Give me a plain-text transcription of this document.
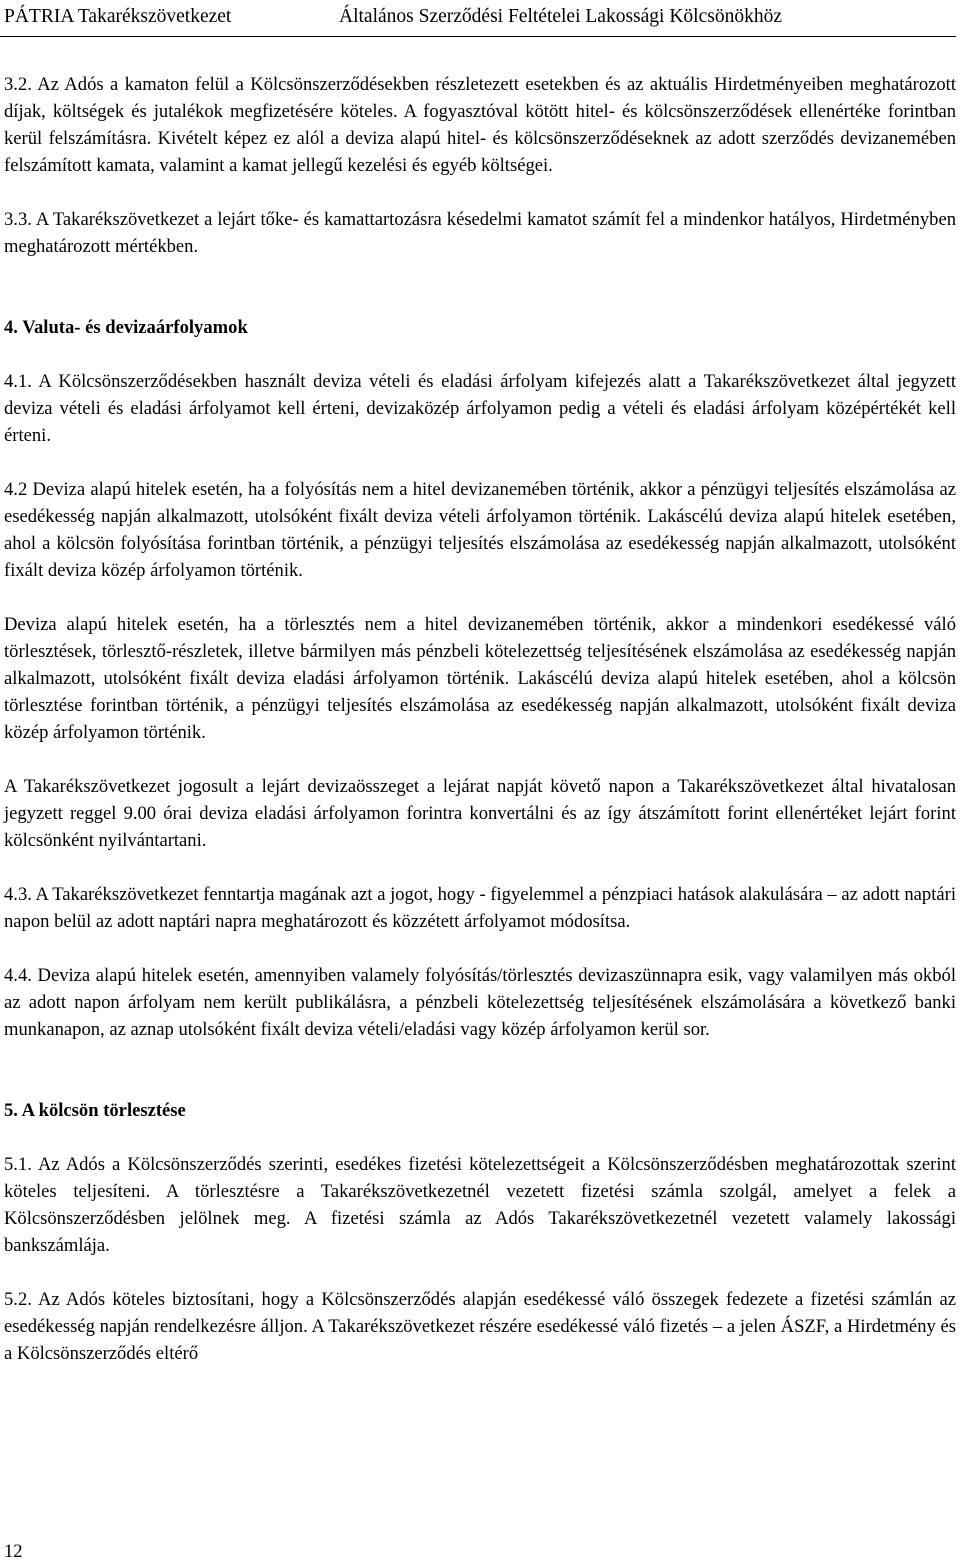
PÁTRIA Takarékszövetkezet	Általános Szerződési Feltételei Lakossági Kölcsönökhöz

3.2. Az Adós a kamaton felül a Kölcsönszerződésekben részletezett esetekben és az aktuális Hirdetményeiben meghatározott díjak, költségek és jutalékok megfizetésére köteles. A fogyasztóval kötött hitel- és kölcsönszerződések ellenértéke forintban kerül felszámításra. Kivételt képez ez alól a deviza alapú hitel- és kölcsönszerződéseknek az adott szerződés devizanemében felszámított kamata, valamint a kamat jellegű kezelési és egyéb költségei.

3.3. A Takarékszövetkezet a lejárt tőke- és kamattartozásra késedelmi kamatot számít fel a mindenkor hatályos, Hirdetményben meghatározott mértékben.

4. Valuta- és devizaárfolyamok

4.1. A Kölcsönszerződésekben használt deviza vételi és eladási árfolyam kifejezés alatt a Takarékszövetkezet által jegyzett deviza vételi és eladási árfolyamot kell érteni, devizaközép árfolyamon pedig a vételi és eladási árfolyam középértékét kell érteni.

4.2 Deviza alapú hitelek esetén, ha a folyósítás nem a hitel devizanemében történik, akkor a pénzügyi teljesítés elszámolása az esedékesség napján alkalmazott, utolsóként fixált deviza vételi árfolyamon történik. Lakáscélú deviza alapú hitelek esetében, ahol a kölcsön folyósítása forintban történik, a pénzügyi teljesítés elszámolása az esedékesség napján alkalmazott, utolsóként fixált deviza közép árfolyamon történik.

Deviza alapú hitelek esetén, ha a törlesztés nem a hitel devizanemében történik, akkor a mindenkori esedékessé váló törlesztések, törlesztő-részletek, illetve bármilyen más pénzbeli kötelezettség teljesítésének elszámolása az esedékesség napján alkalmazott, utolsóként fixált deviza eladási árfolyamon történik. Lakáscélú deviza alapú hitelek esetében, ahol a kölcsön törlesztése forintban történik, a pénzügyi teljesítés elszámolása az esedékesség napján alkalmazott, utolsóként fixált deviza közép árfolyamon történik.

A Takarékszövetkezet jogosult a lejárt devizaösszeget a lejárat napját követő napon a Takarékszövetkezet által hivatalosan jegyzett reggel 9.00 órai deviza eladási árfolyamon forintra konvertálni és az így átszámított forint ellenértéket lejárt forint kölcsönként nyilvántartani.

4.3. A Takarékszövetkezet fenntartja magának azt a jogot, hogy - figyelemmel a pénzpiaci hatások alakulására – az adott naptári napon belül az adott naptári napra meghatározott és közzétett árfolyamot módosítsa.

4.4. Deviza alapú hitelek esetén, amennyiben valamely folyósítás/törlesztés devizaszünnapra esik, vagy valamilyen más okból az adott napon árfolyam nem került publikálásra, a pénzbeli kötelezettség teljesítésének elszámolására a következő banki munkanapon, az aznap utolsóként fixált deviza vételi/eladási vagy közép árfolyamon kerül sor.

5. A kölcsön törlesztése

5.1. Az Adós a Kölcsönszerződés szerinti, esedékes fizetési kötelezettségeit a Kölcsönszerződésben meghatározottak szerint köteles teljesíteni. A törlesztésre a Takarékszövetkezetnél vezetett fizetési számla szolgál, amelyet a felek a Kölcsönszerződésben jelölnek meg. A fizetési számla az Adós Takarékszövetkezetnél vezetett valamely lakossági bankszámlája.

5.2. Az Adós köteles biztosítani, hogy a Kölcsönszerződés alapján esedékessé váló összegek fedezete a fizetési számlán az esedékesség napján rendelkezésre álljon. A Takarékszövetkezet részére esedékessé váló fizetés – a jelen ÁSZF, a Hirdetmény és a Kölcsönszerződés eltérő

12
